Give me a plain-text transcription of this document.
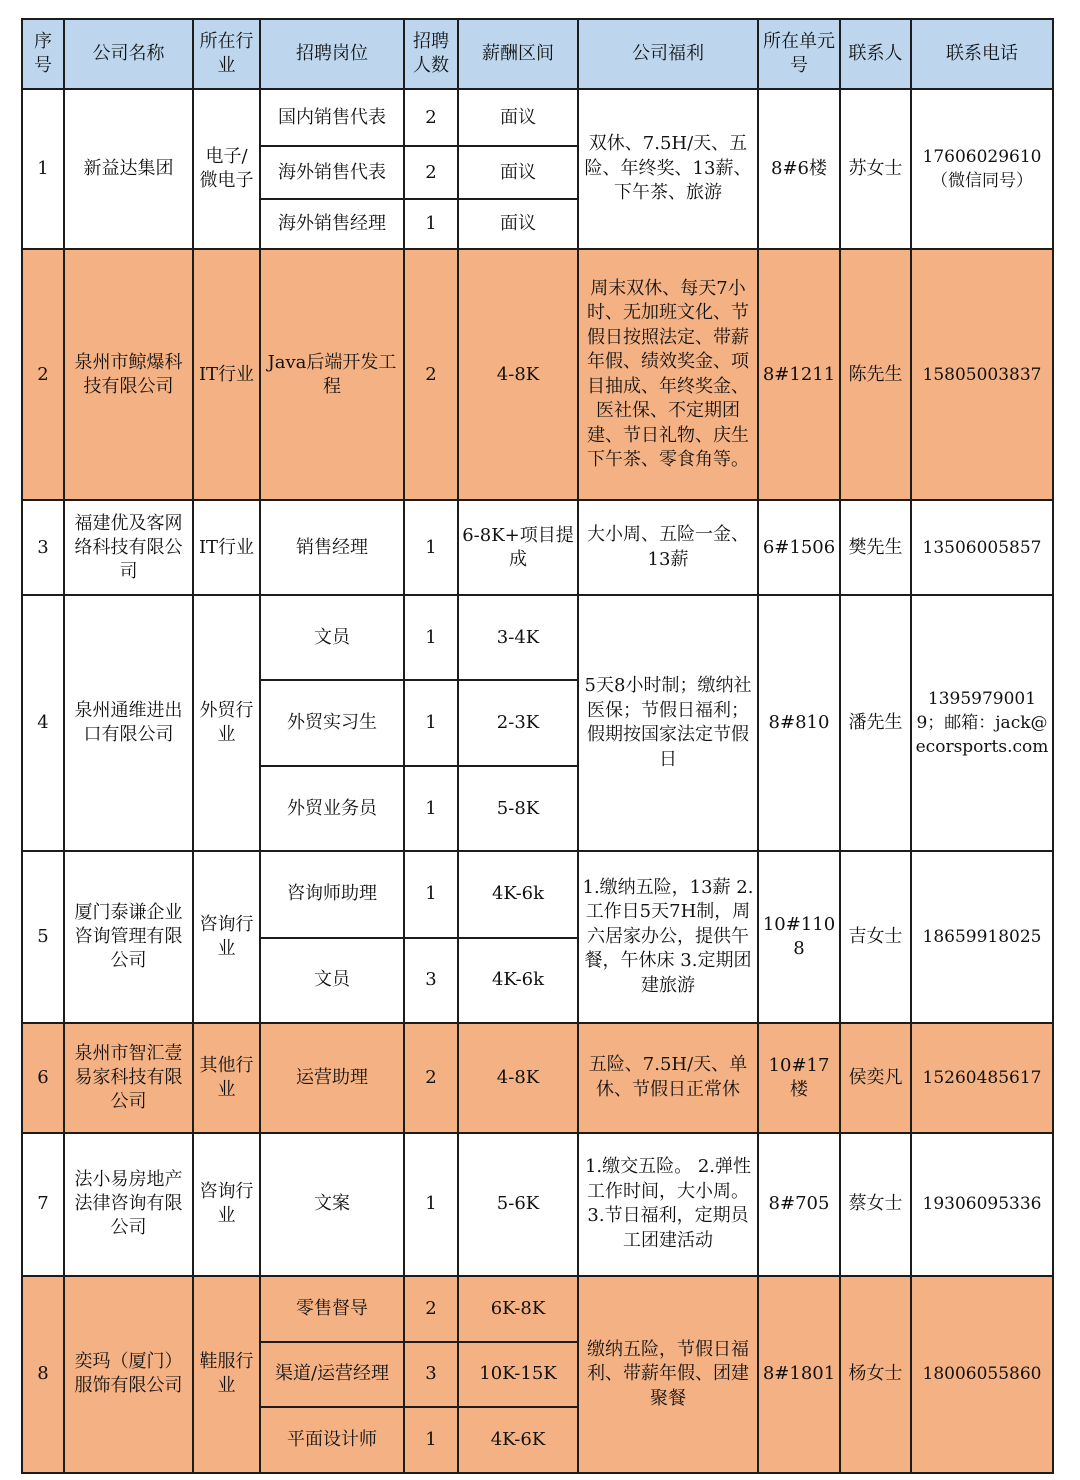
序号	公司名称	所在行业	招聘岗位	招聘人数	薪酬区间	公司福利	所在单元号	联系人	联系电话
1	新益达集团	电子/微电子	国内销售代表	2	面议	双休、7.5H/天、五险、年终奖、13薪、下午茶、旅游	8#6楼	苏女士	17606029610（微信同号）
			海外销售代表	2	面议				
			海外销售经理	1	面议				
2	泉州市鲸爆科技有限公司	IT行业	Java后端开发工程	2	4-8K	周末双休、每天7小时、无加班文化、节假日按照法定、带薪年假、绩效奖金、项目抽成、年终奖金、医社保、不定期团建、节日礼物、庆生下午茶、零食角等。	8#1211	陈先生	15805003837
3	福建优及客网络科技有限公司	IT行业	销售经理	1	6-8K+项目提成	大小周、五险一金、13薪	6#1506	樊先生	13506005857
4	泉州通维进出口有限公司	外贸行业	文员	1	3-4K	5天8小时制；缴纳社医保；节假日福利；假期按国家法定节假日	8#810	潘先生	13959790019；邮箱：jack@ecorsports.com
			外贸实习生	1	2-3K				
			外贸业务员	1	5-8K				
5	厦门泰谦企业咨询管理有限公司	咨询行业	咨询师助理	1	4K-6k	1.缴纳五险，13薪 2.工作日5天7H制，周六居家办公，提供午餐，午休床 3.定期团建旅游	10#1108	吉女士	18659918025
			文员	3	4K-6k				
6	泉州市智汇壹易家科技有限公司	其他行业	运营助理	2	4-8K	五险、7.5H/天、单休、节假日正常休	10#17楼	侯奕凡	15260485617
7	法小易房地产法律咨询有限公司	咨询行业	文案	1	5-6K	1.缴交五险。 2.弹性工作时间，大小周。 3.节日福利，定期员工团建活动	8#705	蔡女士	19306095336
8	奕玛（厦门）服饰有限公司	鞋服行业	零售督导	2	6K-8K	缴纳五险，节假日福利、带薪年假、团建聚餐	8#1801	杨女士	18006055860
			渠道/运营经理	3	10K-15K				
			平面设计师	1	4K-6K				
